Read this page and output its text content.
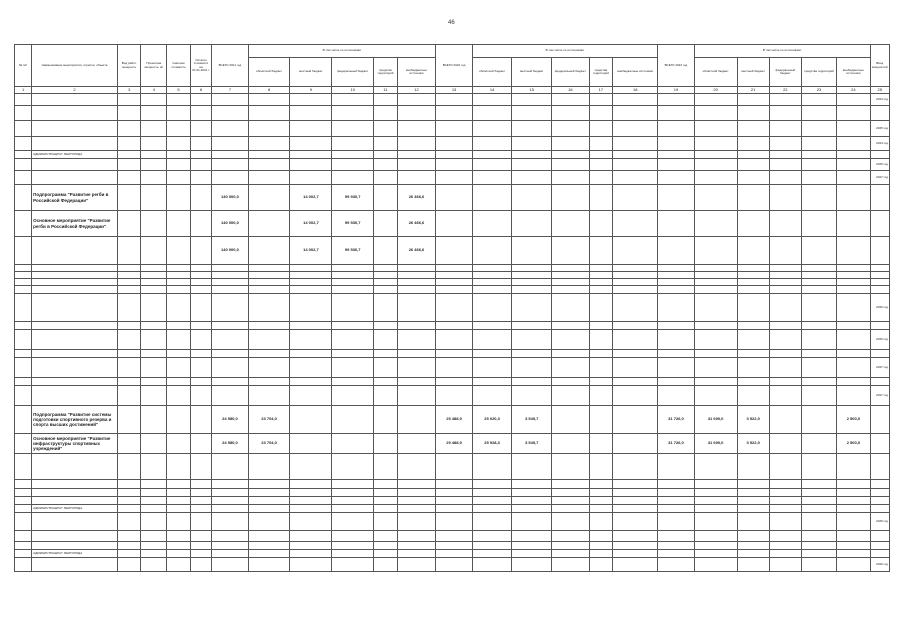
46
№ п/п	Наименование мероприятия, отрасли, объекта	Вид работ, мощность	Проектная мощность, м²	Сметная стоимость	Остаток стоимости на 01.01.2021 г.	ВСЕГО 2021 год	В том числе по источникам:					ВСЕГО 2022 год	В том числе по источникам:					ВСЕГО 2023 год	В том числе по источникам:					Ввод мощностей
							областной бюджет	местный бюджет	федеральный бюджет	средства территорий	внебюджетные источники		областной бюджет	местный бюджет	федеральный бюджет	средства территорий	внебюджетные источники		областной бюджет	местный бюджет	федеральный бюджет	средства территорий	внебюджетные источники	
1	2	3	4	5	6	7	8	9	10	11	12	13	14	15	16	17	18	19	20	21	22	23	24	25
																								2024 год

																								2025 год
																								2024 год
	АДМИНИСТРАЦИЯ Г. БЕЛГОРОДА																							
																								2025 год
																								2027 год
	Подпрограмма "Развитие регби в Российской Федерации"					140 000,0		14 002,7	99 930,7		26 466,6													
	Основное мероприятие "Развитие регби в Российской Федерации"					140 000,0		14 002,7	99 530,7		26 466,6													
						140 000,0		14 002,7	99 530,7		26 466,6													

																								2026 год

																								2025 год

																								2027 год

																								2027 год
	Подпрограмма "Развитие системы подготовки спортивного резерва и спорта высших достижений"					24 580,0	23 704,0					25 488,0	25 020,3	3 549,7				31 726,0	31 690,0	3 522,0			2 500,0	
	Основное мероприятие "Развитие инфраструктуры спортивных учреждений"					24 580,0	23 704,0					29 488,0	25 928,3	3 549,7				31 726,0	31 690,0	3 522,0			2 500,0	

	АДМИНИСТРАЦИЯ Г. БЕЛГОРОДА																							
																								2025 год

	АДМИНИСТРАЦИЯ Г. БЕЛГОРОДА																							
																								2026 год
